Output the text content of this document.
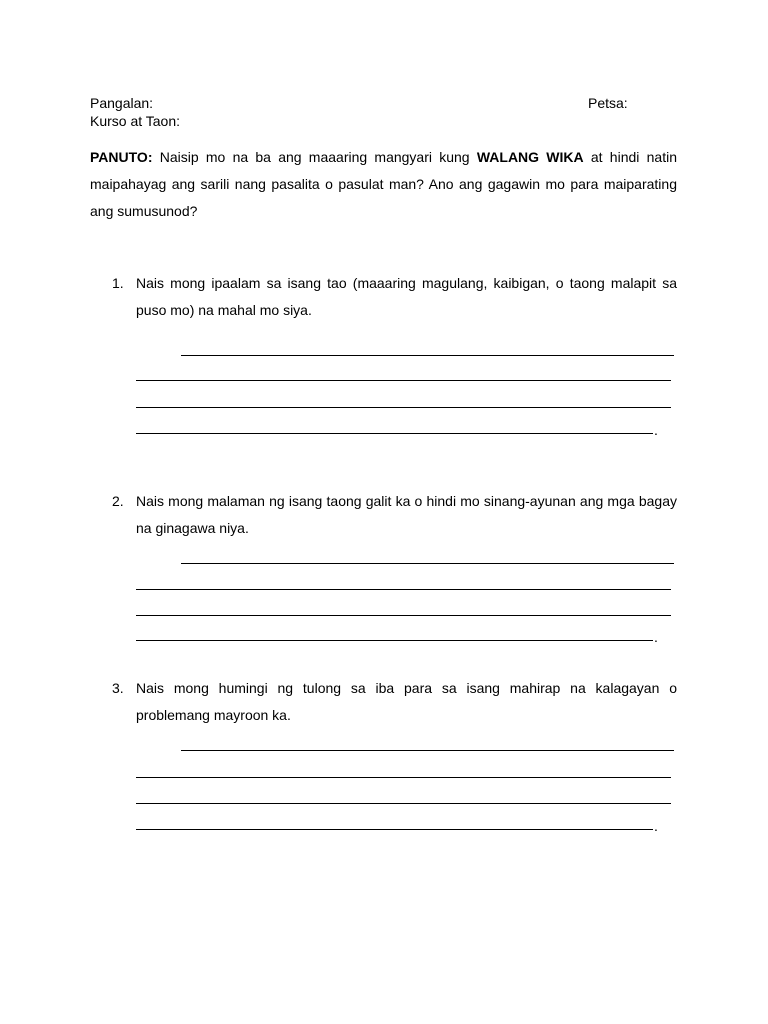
Pangalan:	Petsa:
Kurso at Taon:
PANUTO: Naisip mo na ba ang maaaring mangyari kung WALANG WIKA at hindi natin maipahayag ang sarili nang pasalita o pasulat man? Ano ang gagawin mo para maiparating ang sumusunod?
1. Nais mong ipaalam sa isang tao (maaaring magulang, kaibigan, o taong malapit sa puso mo) na mahal mo siya.
.
2. Nais mong malaman ng isang taong galit ka o hindi mo sinang-ayunan ang mga bagay na ginagawa niya.
.
3. Nais mong humingi ng tulong sa iba para sa isang mahirap na kalagayan o problemang mayroon ka.
.
